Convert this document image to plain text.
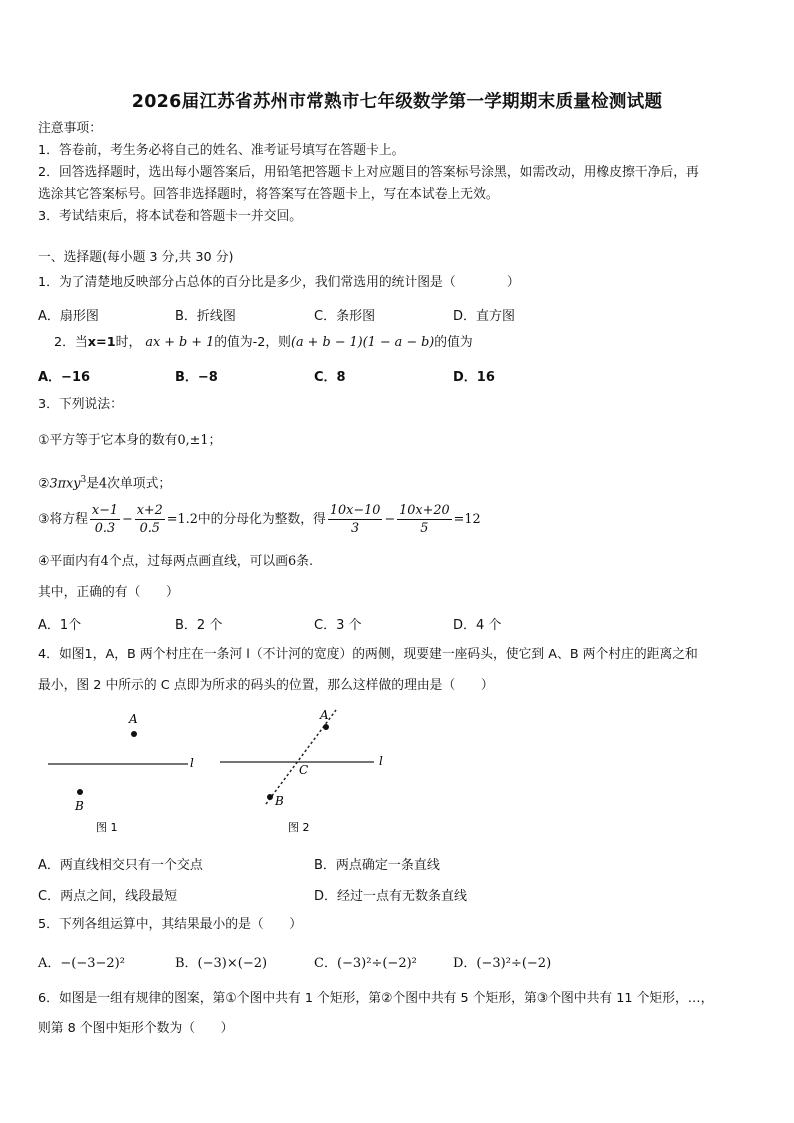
2026届江苏省苏州市常熟市七年级数学第一学期期末质量检测试题
注意事项：
1．答卷前，考生务必将自己的姓名、准考证号填写在答题卡上。
2．回答选择题时，选出每小题答案后，用铅笔把答题卡上对应题目的答案标号涂黑，如需改动，用橡皮擦干净后，再
选涂其它答案标号。回答非选择题时，将答案写在答题卡上，写在本试卷上无效。
3．考试结束后，将本试卷和答题卡一并交回。
一、选择题(每小题 3 分,共 30 分)
1．为了清楚地反映部分占总体的百分比是多少，我们常选用的统计图是（　　　　）
A．扇形图	B．折线图	C．条形图	D．直方图
2．当x=1时， ax + b + 1的值为-2，则(a + b − 1)(1 − a − b)的值为
A．−16	B．−8	C．8	D．16
3．下列说法：
①平方等于它本身的数有0,±1；
②3πxy$^3$是4次单项式；
③将方程 $\frac{x-1}{0.3} - \frac{x+2}{0.5} =1.2$中的分母化为整数，得 $\frac{10x-10}{3} - \frac{10x+20}{5} =12$
④平面内有4个点，过每两点画直线，可以画6条.
其中，正确的有（　　）
A．1个	B．2 个	C．3 个	D．4 个
4．如图1，A，B 两个村庄在一条河 l（不计河的宽度）的两侧，现要建一座码头，使它到 A、B 两个村庄的距离之和
最小，图 2 中所示的 C 点即为所求的码头的位置，那么这样做的理由是（　　）
A
B
l
图 1
A
B
C
l
图 2
A．两直线相交只有一个交点	B．两点确定一条直线
C．两点之间，线段最短	D．经过一点有无数条直线
5．下列各组运算中，其结果最小的是（　　）
A．−(−3−2)²	B．(−3)×(−2)	C．(−3)²÷(−2)²	D．(−3)²÷(−2)
6．如图是一组有规律的图案，第①个图中共有 1 个矩形，第②个图中共有 5 个矩形，第③个图中共有 11 个矩形，…，
则第 8 个图中矩形个数为（　　）
